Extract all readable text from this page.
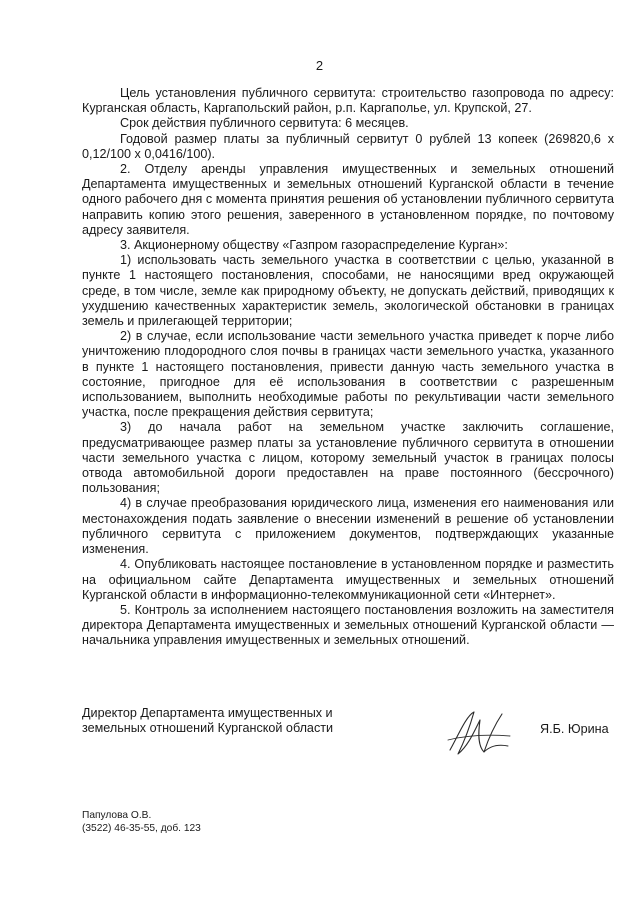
2

Цель установления публичного сервитута: строительство газопровода по адресу: Курганская область, Каргапольский район, р.п. Каргаполье, ул. Крупской, 27.

Срок действия публичного сервитута: 6 месяцев.

Годовой размер платы за публичный сервитут 0 рублей 13 копеек (269820,6 х 0,12/100 х 0,0416/100).

2. Отделу аренды управления имущественных и земельных отношений Департамента имущественных и земельных отношений Курганской области в течение одного рабочего дня с момента принятия решения об установлении публичного сервитута направить копию этого решения, заверенного в установленном порядке, по почтовому адресу заявителя.

3. Акционерному обществу «Газпром газораспределение Курган»:

1) использовать часть земельного участка в соответствии с целью, указанной в пункте 1 настоящего постановления, способами, не наносящими вред окружающей среде, в том числе, земле как природному объекту, не допускать действий, приводящих к ухудшению качественных характеристик земель, экологической обстановки в границах земель и прилегающей территории;

2) в случае, если использование части земельного участка приведет к порче либо уничтожению плодородного слоя почвы в границах части земельного участка, указанного в пункте 1 настоящего постановления, привести данную часть земельного участка в состояние, пригодное для её использования в соответствии с разрешенным использованием, выполнить необходимые работы по рекультивации части земельного участка, после прекращения действия сервитута;

3) до начала работ на земельном участке заключить соглашение, предусматривающее размер платы за установление публичного сервитута в отношении части земельного участка с лицом, которому земельный участок в границах полосы отвода автомобильной дороги предоставлен на праве постоянного (бессрочного) пользования;

4) в случае преобразования юридического лица, изменения его наименования или местонахождения подать заявление о внесении изменений в решение об установлении публичного сервитута с приложением документов, подтверждающих указанные изменения.

4. Опубликовать настоящее постановление в установленном порядке и разместить на официальном сайте Департамента имущественных и земельных отношений Курганской области в информационно-телекоммуникационной сети «Интернет».

5. Контроль за исполнением настоящего постановления возложить на заместителя директора Департамента имущественных и земельных отношений Курганской области — начальника управления имущественных и земельных отношений.

Директор Департамента имущественных и
земельных отношений Курганской области	Я.Б. Юрина
Папулова О.В.
(3522) 46-35-55, доб. 123
